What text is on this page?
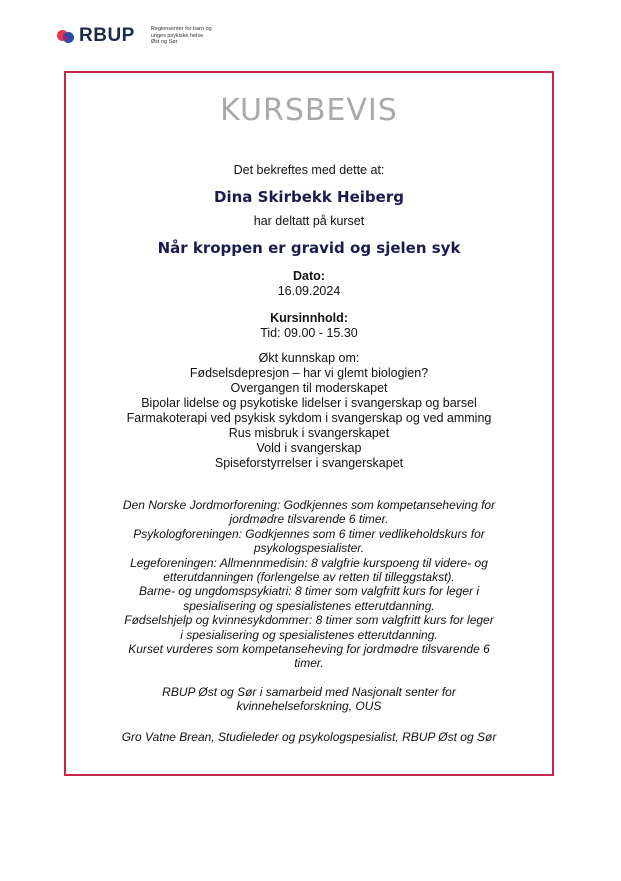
RBUP	Regionsenter for barn og
unges psykiske helse
Øst og Sør
KURSBEVIS
Det bekreftes med dette at:
Dina Skirbekk Heiberg
har deltatt på kurset
Når kroppen er gravid og sjelen syk
Dato:
16.09.2024
Kursinnhold:
Tid: 09.00 - 15.30
Økt kunnskap om:
Fødselsdepresjon – har vi glemt biologien?
Overgangen til moderskapet
Bipolar lidelse og psykotiske lidelser i svangerskap og barsel
Farmakoterapi ved psykisk sykdom i svangerskap og ved amming
Rus misbruk i svangerskapet
Vold i svangerskap
Spiseforstyrrelser i svangerskapet
Den Norske Jordmorforening: Godkjennes som kompetanseheving for
jordmødre tilsvarende 6 timer.
Psykologforeningen: Godkjennes som 6 timer vedlikeholdskurs for
psykologspesialister.
Legeforeningen: Allmennmedisin: 8 valgfrie kurspoeng til videre- og
etterutdanningen (forlengelse av retten til tilleggstakst).
Barne- og ungdomspsykiatri: 8 timer som valgfritt kurs for leger i
spesialisering og spesialistenes etterutdanning.
Fødselshjelp og kvinnesykdommer: 8 timer som valgfritt kurs for leger
i spesialisering og spesialistenes etterutdanning.
Kurset vurderes som kompetanseheving for jordmødre tilsvarende 6
timer.
RBUP Øst og Sør i samarbeid med Nasjonalt senter for kvinnehelseforskning, OUS
Gro Vatne Brean, Studieleder og psykologspesialist, RBUP Øst og Sør
